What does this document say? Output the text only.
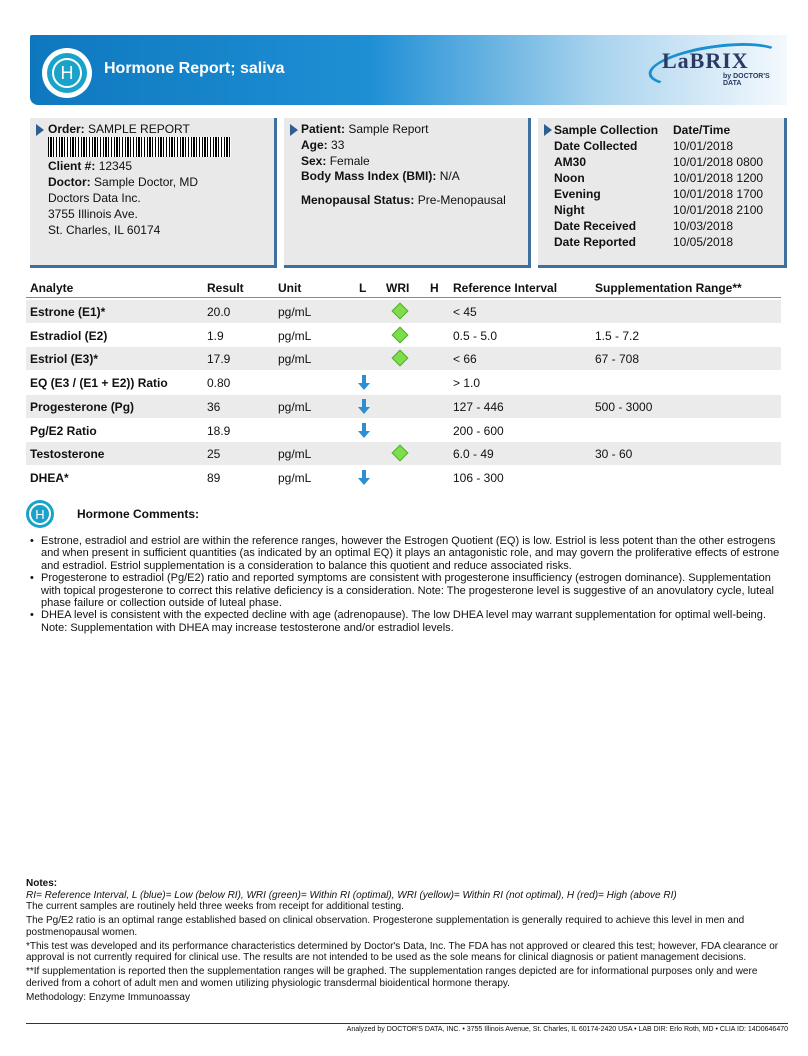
H	Hormone Report; saliva	LaBRIX
by DOCTOR'S DATA
Order: SAMPLE REPORT
Client #: 12345
Doctor: Sample Doctor, MD
Doctors Data Inc.
3755 Illinois Ave.
St. Charles, IL 60174
Patient: Sample Report
Age: 33
Sex: Female
Body Mass Index (BMI): N/A
Menopausal Status: Pre-Menopausal
Sample Collection Date/Time
Date Collected	10/01/2018
AM30	10/01/2018 0800
Noon	10/01/2018 1200
Evening	10/01/2018 1700
Night	10/01/2018 2100
Date Received	10/03/2018
Date Reported	10/05/2018
Analyte	Result	Unit	L WRI H Reference Interval	Supplementation Range**
Estrone (E1)*	20.0	pg/mL	< 45
Estradiol (E2)	1.9	pg/mL	0.5 - 5.0	1.5 - 7.2
Estriol (E3)*	17.9	pg/mL	< 66	67 - 708
EQ (E3 / (E1 + E2)) Ratio	0.80	> 1.0
Progesterone (Pg)	36	pg/mL	127 - 446	500 - 3000
Pg/E2 Ratio	18.9	200 - 600
Testosterone	25	pg/mL	6.0 - 49	30 - 60
DHEA*	89	pg/mL	106 - 300
H	Hormone Comments:
• Estrone, estradiol and estriol are within the reference ranges, however the Estrogen Quotient (EQ) is low. Estriol is less potent than the other estrogens and when present in sufficient quantities (as indicated by an optimal EQ) it plays an antagonistic role, and may govern the proliferative effects of estrone and estradiol. Estriol supplementation is a consideration to balance this quotient and reduce associated risks.
• Progesterone to estradiol (Pg/E2) ratio and reported symptoms are consistent with progesterone insufficiency (estrogen dominance). Supplementation with topical progesterone to correct this relative deficiency is a consideration. Note: The progesterone level is suggestive of an anovulatory cycle, luteal phase failure or collection outside of luteal phase.
• DHEA level is consistent with the expected decline with age (adrenopause). The low DHEA level may warrant supplementation for optimal well-being. Note: Supplementation with DHEA may increase testosterone and/or estradiol levels.
Notes:
RI= Reference Interval, L (blue)= Low (below RI), WRI (green)= Within RI (optimal), WRI (yellow)= Within RI (not optimal), H (red)= High (above RI)

The current samples are routinely held three weeks from receipt for additional testing.

The Pg/E2 ratio is an optimal range established based on clinical observation. Progesterone supplementation is generally required to achieve this level in men and postmenopausal women.

*This test was developed and its performance characteristics determined by Doctor's Data, Inc. The FDA has not approved or cleared this test; however, FDA clearance or approval is not currently required for clinical use. The results are not intended to be used as the sole means for clinical diagnosis or patient management decisions.

**If supplementation is reported then the supplementation ranges will be graphed. The supplementation ranges depicted are for informational purposes only and were derived from a cohort of adult men and women utilizing physiologic transdermal bioidentical hormone therapy.

Methodology: Enzyme Immunoassay

Analyzed by DOCTOR'S DATA, INC. • 3755 Illinois Avenue, St. Charles, IL 60174-2420 USA • LAB DIR: Erlo Roth, MD • CLIA ID: 14D0646470
